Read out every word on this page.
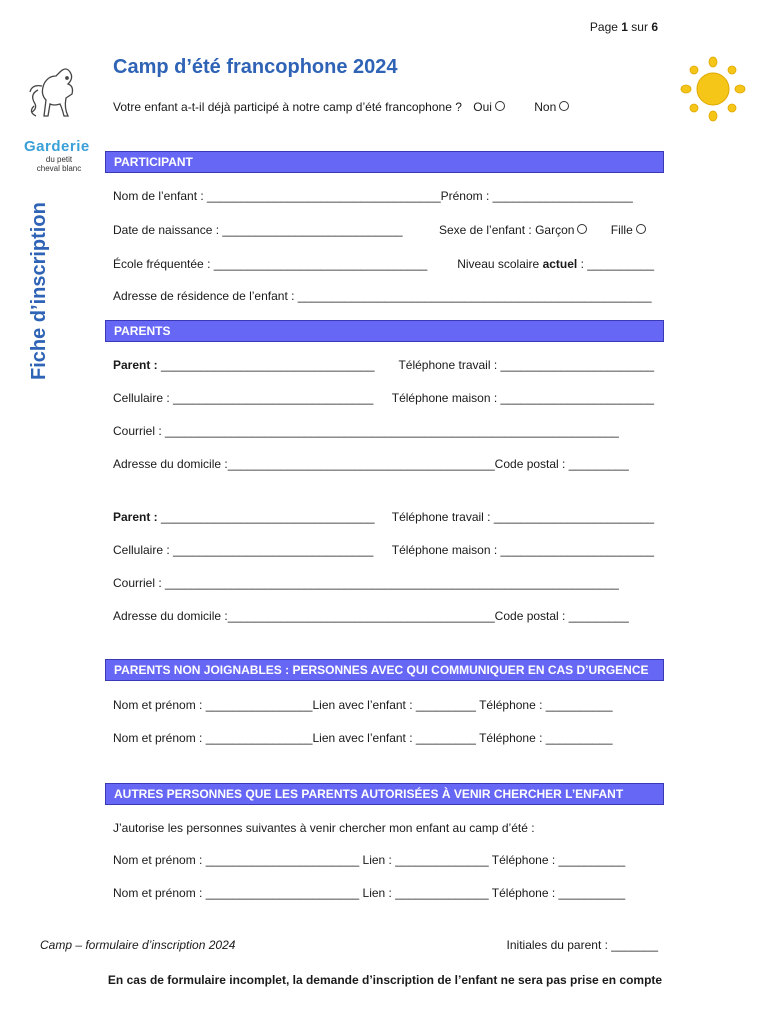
Page 1 sur 6
Garderie
du petit
cheval blanc
Fiche d’inscription
Camp d’été francophone 2024
Votre enfant a-t-il déjà participé à notre camp d’été francophone ? Oui	Non
PARTICIPANT
Nom de l’enfant : ___________________________________Prénom : _____________________
Date de naissance : ___________________________	Sexe de l’enfant : Garçon	Fille
École fréquentée : ________________________________ Niveau scolaire actuel : __________
Adresse de résidence de l’enfant : _____________________________________________________
PARENTS
Parent : ________________________________ Téléphone travail : _______________________
Cellulaire : ______________________________ Téléphone maison : _______________________
Courriel : ____________________________________________________________________
Adresse du domicile :________________________________________Code postal : _________
Parent : ________________________________ Téléphone travail : ________________________
Cellulaire : ______________________________ Téléphone maison : _______________________
Courriel : ____________________________________________________________________
Adresse du domicile :________________________________________Code postal : _________
PARENTS NON JOIGNABLES : PERSONNES AVEC QUI COMMUNIQUER EN CAS D’URGENCE
Nom et prénom : ________________Lien avec l’enfant : _________ Téléphone : __________
Nom et prénom : ________________Lien avec l’enfant : _________ Téléphone : __________
AUTRES PERSONNES QUE LES PARENTS AUTORISÉES À VENIR CHERCHER L’ENFANT
J’autorise les personnes suivantes à venir chercher mon enfant au camp d’été :
Nom et prénom : _______________________ Lien : ______________ Téléphone : __________
Nom et prénom : _______________________ Lien : ______________ Téléphone : __________
Camp – formulaire d’inscription 2024	Initiales du parent : _______
En cas de formulaire incomplet, la demande d’inscription de l’enfant ne sera pas prise en compte
